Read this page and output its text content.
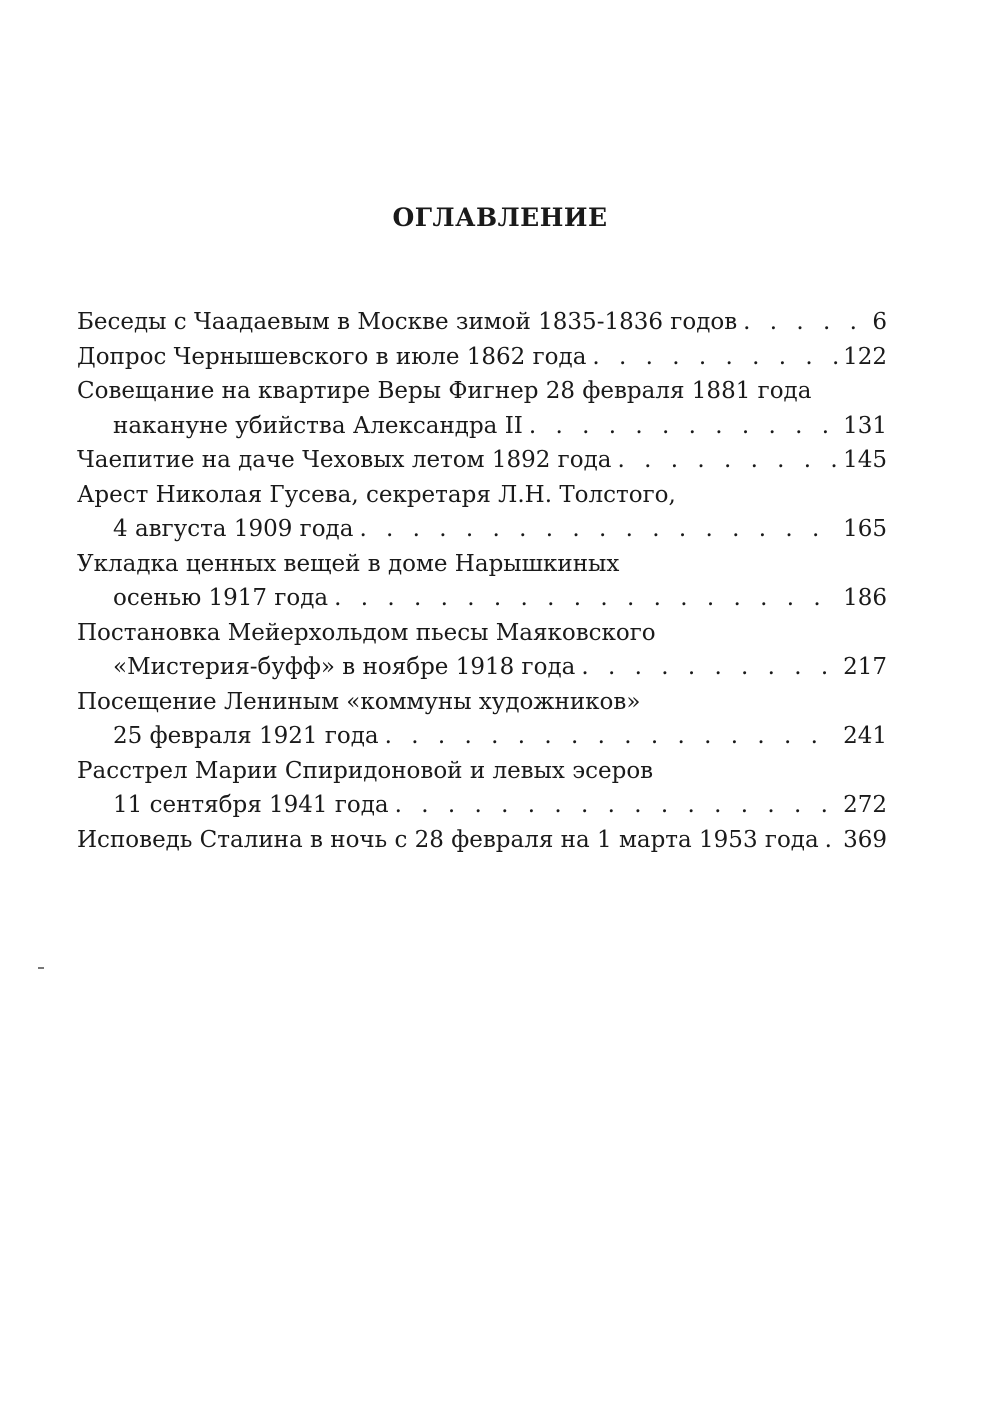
ОГЛАВЛЕНИЕ
Беседы с Чаадаевым в Москве зимой 1835-1836 годов . . .	6
Допрос Чернышевского в июле 1862 года . . .	122
Совещание на квартире Веры Фигнер 28 февраля 1881 года
накануне убийства Александра II . . .	131
Чаепитие на даче Чеховых летом 1892 года . . .	145
Арест Николая Гусева, секретаря Л.Н. Толстого,
4 августа 1909 года . . .	165
Укладка ценных вещей в доме Нарышкиных
осенью 1917 года . . .	186
Постановка Мейерхольдом пьесы Маяковского
«Мистерия-буфф» в ноябре 1918 года . . .	217
Посещение Лениным «коммуны художников»
25 февраля 1921 года . . .	241
Расстрел Марии Спиридоновой и левых эсеров
11 сентября 1941 года . . .	272
Исповедь Сталина в ночь с 28 февраля на 1 марта 1953 года . . . 369
